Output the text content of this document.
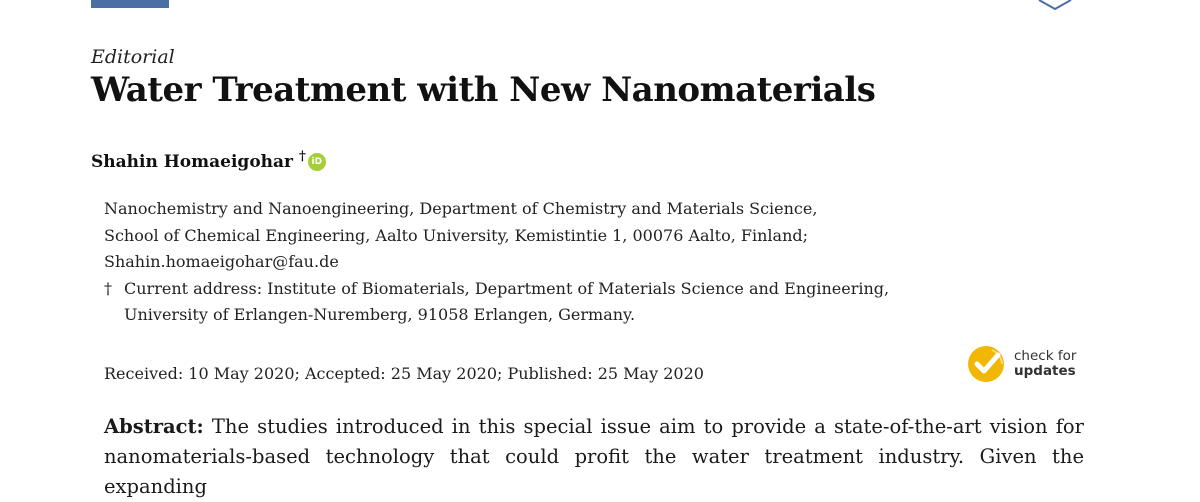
Editorial
Water Treatment with New Nanomaterials
Shahin Homaeigohar † iD
Nanochemistry and Nanoengineering, Department of Chemistry and Materials Science,
School of Chemical Engineering, Aalto University, Kemistintie 1, 00076 Aalto, Finland;
Shahin.homaeigohar@fau.de
† Current address: Institute of Biomaterials, Department of Materials Science and Engineering,
University of Erlangen-Nuremberg, 91058 Erlangen, Germany.
Received: 10 May 2020; Accepted: 25 May 2020; Published: 25 May 2020
check for
updates
Abstract: The studies introduced in this special issue aim to provide a state-of-the-art vision for nanomaterials-based technology that could profit the water treatment industry. Given the expanding
